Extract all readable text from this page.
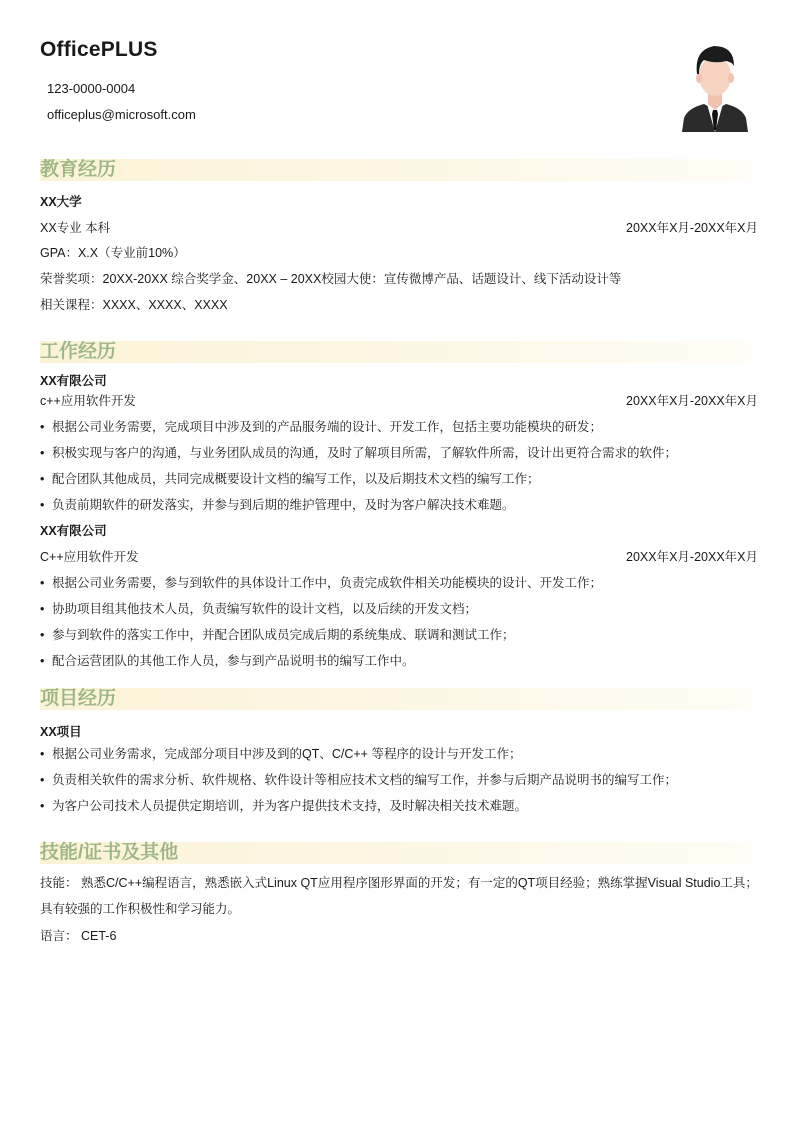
OfficePLUS
123-0000-0004
officeplus@microsoft.com
教育经历
XX大学
XX专业 本科	20XX年X月-20XX年X月
GPA：X.X（专业前10%）
荣誉奖项：20XX-20XX 综合奖学金、20XX – 20XX校园大使：宣传微博产品、话题设计、线下活动设计等
相关课程：XXXX、XXXX、XXXX
工作经历
XX有限公司
c++应用软件开发	20XX年X月-20XX年X月
• 根据公司业务需要，完成项目中涉及到的产品服务端的设计、开发工作，包括主要功能模块的研发；
• 积极实现与客户的沟通，与业务团队成员的沟通，及时了解项目所需，了解软件所需，设计出更符合需求的软件；
• 配合团队其他成员，共同完成概要设计文档的编写工作，以及后期技术文档的编写工作；
• 负责前期软件的研发落实，并参与到后期的维护管理中，及时为客户解决技术难题。
XX有限公司
C++应用软件开发	20XX年X月-20XX年X月
• 根据公司业务需要，参与到软件的具体设计工作中，负责完成软件相关功能模块的设计、开发工作；
• 协助项目组其他技术人员，负责编写软件的设计文档，以及后续的开发文档；
• 参与到软件的落实工作中，并配合团队成员完成后期的系统集成、联调和测试工作；
• 配合运营团队的其他工作人员，参与到产品说明书的编写工作中。
项目经历
XX项目
• 根据公司业务需求，完成部分项目中涉及到的QT、C/C++ 等程序的设计与开发工作；
• 负责相关软件的需求分析、软件规格、软件设计等相应技术文档的编写工作，并参与后期产品说明书的编写工作；
• 为客户公司技术人员提供定期培训，并为客户提供技术支持，及时解决相关技术难题。
技能/证书及其他
技能： 熟悉C/C++编程语言，熟悉嵌入式Linux QT应用程序图形界面的开发；有一定的QT项目经验；熟练掌握Visual Studio工具；具有较强的工作积极性和学习能力。
语言： CET-6
